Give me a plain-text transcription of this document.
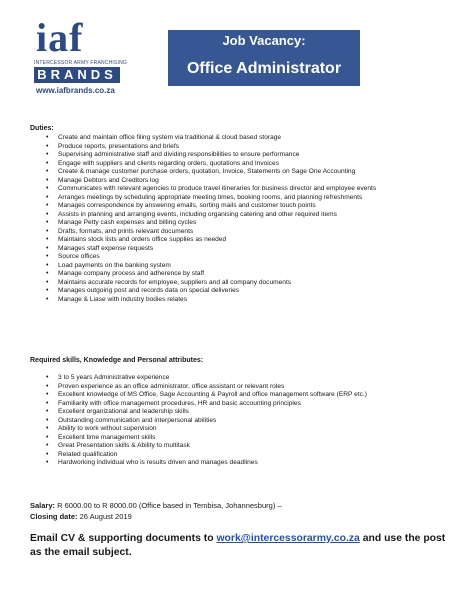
iaf
INTERCESSOR ARMY FRANCHISING
BRANDS
www.iafbrands.co.za
Job Vacancy:
Office Administrator
Duties:
• Create and maintain office filing system via traditional & cloud based storage
• Produce reports, presentations and briefs
• Supervising administrative staff and dividing responsibilities to ensure performance
• Engage with suppliers and clients regarding orders, quotations and Invoices
• Create & manage customer purchase orders, quotation, Invoice, Statements on Sage One Accounting
• Manage Debtors and Creditors log
• Communicates with relevant agencies to produce travel itineraries for business director and employee events
• Arranges meetings by scheduling appropriate meeting times, booking rooms, and planning refreshments
• Manages correspondence by answering emails, sorting mails and customer touch points
• Assists in planning and arranging events, including organising catering and other required items
• Manage Petty cash expenses and billing cycles
• Drafts, formats, and prints relevant documents
• Maintains stock lists and orders office supplies as needed
• Manages staff expense requests
• Source offices
• Load payments on the banking system
• Manage company process and adherence by staff
• Maintains accurate records for employee, suppliers and all company documents
• Manages outgoing post and records data on special deliveries
• Manage & Liase with industry bodies relates
Required skills, Knowledge and Personal attributes:
• 3 to 5 years Administrative experience
• Proven experience as an office administrator, office assistant or relevant roles
• Excellent knowledge of MS Office, Sage Accounting & Payroll and office management software (ERP etc.)
• Familiarity with office management procedures, HR and basic accounting principles
• Excellent organizational and leadership skills
• Outstanding communication and interpersonal abilities
• Ability to work without supervision
• Excellent time management skills
• Great Presentation skills & Ability to multitask
• Related qualification
• Hardworking individual who is results driven and manages deadlines
Salary: R 6000.00 to R 8000.00 (Office based in Tembisa, Johannesburg) –
Closing date: 26 August 2019
Email CV & supporting documents to work@intercessorarmy.co.za and use the post as the email subject.
